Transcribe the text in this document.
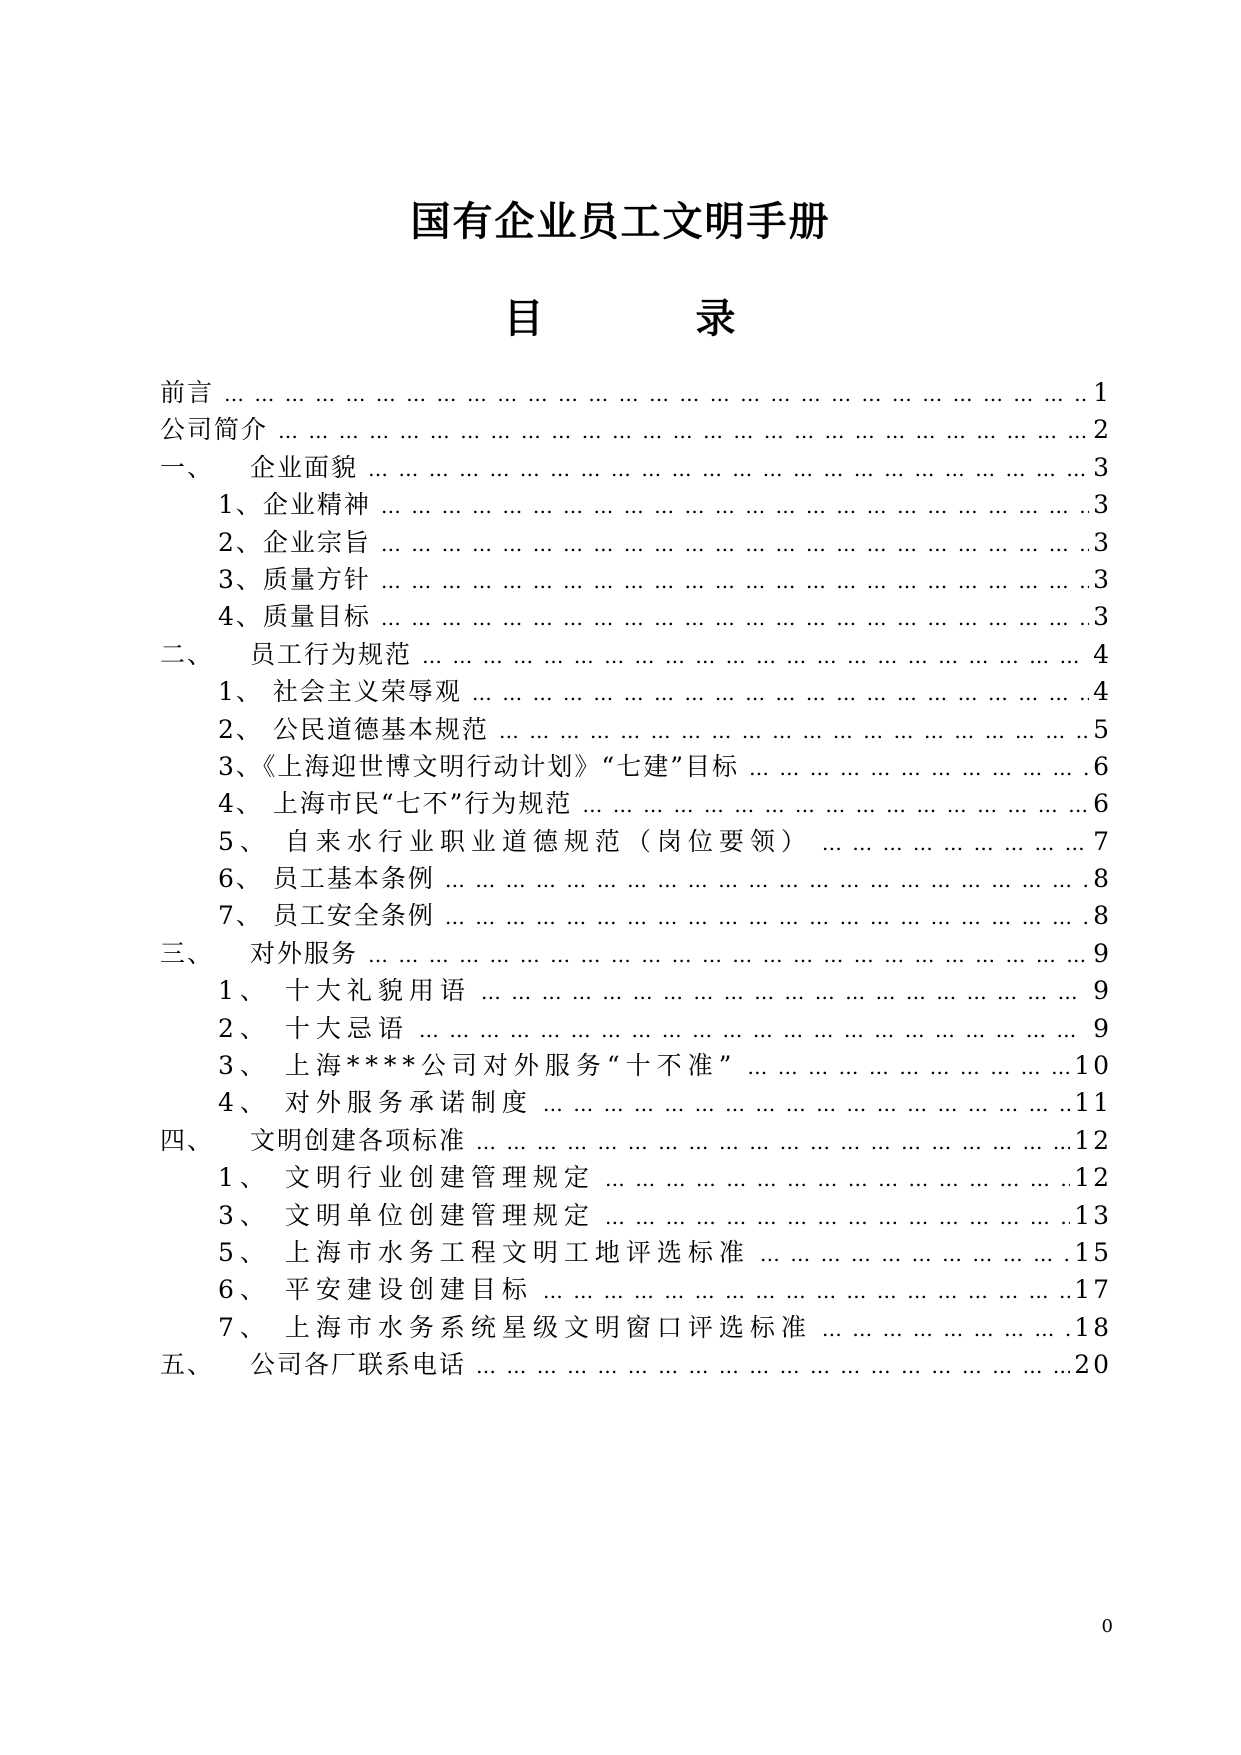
国有企业员工文明手册
目	录
前言 … … … … … … … … … … … … … … … … … … … … … … … … … … … … … … … … … … … … … … … … … … … … … … … … … … … … … …	1
公司简介 … … … … … … … … … … … … … … … … … … … … … … … … … … … … … … … … … … … … … … … … … … … … … … … … … … … … … …	2
一、 企业面貌 … … … … … … … … … … … … … … … … … … … … … … … … … … … … … … … … … … … … … … … … … … … … … … … … … … … … … …	3
1、企业精神 … … … … … … … … … … … … … … … … … … … … … … … … … … … … … … … … … … … … … … … … … … … … … … … … … … … … … …	3
2、企业宗旨 … … … … … … … … … … … … … … … … … … … … … … … … … … … … … … … … … … … … … … … … … … … … … … … … … … … … … …	3
3、质量方针 … … … … … … … … … … … … … … … … … … … … … … … … … … … … … … … … … … … … … … … … … … … … … … … … … … … … … …	3
4、质量目标 … … … … … … … … … … … … … … … … … … … … … … … … … … … … … … … … … … … … … … … … … … … … … … … … … … … … … …	3
二、 员工行为规范 … … … … … … … … … … … … … … … … … … … … … … … … … … … … … … … … … … … … … … … … … … … … … … … … … … … … … …	4
1、 社会主义荣辱观 … … … … … … … … … … … … … … … … … … … … … … … … … … … … … … … … … … … … … … … … … … … … … … … … … … … … … …	4
2、 公民道德基本规范 … … … … … … … … … … … … … … … … … … … … … … … … … … … … … … … … … … … … … … … … … … … … … … … … … … … … … …	5
3、《上海迎世博文明行动计划》“七建”目标 … … … … … … … … … … … … … … … … … … … … … … … … … … … … … … … … … … … … … … … … … … … … … … … … … … … … … …	6
4、 上海市民“七不”行为规范 … … … … … … … … … … … … … … … … … … … … … … … … … … … … … … … … … … … … … … … … … … … … … … … … … … … … … …	6
5、 自来水行业职业道德规范（岗位要领） … … … … … … … … … … … … … … … … … … … … … … … … … … … … … … … … … … … … … … … … … … … … … … … … … … … … … …	7
6、 员工基本条例 … … … … … … … … … … … … … … … … … … … … … … … … … … … … … … … … … … … … … … … … … … … … … … … … … … … … … …	8
7、 员工安全条例 … … … … … … … … … … … … … … … … … … … … … … … … … … … … … … … … … … … … … … … … … … … … … … … … … … … … … …	8
三、 对外服务 … … … … … … … … … … … … … … … … … … … … … … … … … … … … … … … … … … … … … … … … … … … … … … … … … … … … … …	9
1、 十大礼貌用语 … … … … … … … … … … … … … … … … … … … … … … … … … … … … … … … … … … … … … … … … … … … … … … … … … … … … … …	9
2、 十大忌语 … … … … … … … … … … … … … … … … … … … … … … … … … … … … … … … … … … … … … … … … … … … … … … … … … … … … … …	9
3、 上海****公司对外服务“十不准” … … … … … … … … … … … … … … … … … … … … … … … … … … … … … … … … … … … … … … … … … … … … … … … … … … … … … …	10
4、 对外服务承诺制度 … … … … … … … … … … … … … … … … … … … … … … … … … … … … … … … … … … … … … … … … … … … … … … … … … … … … … …	11
四、 文明创建各项标准 … … … … … … … … … … … … … … … … … … … … … … … … … … … … … … … … … … … … … … … … … … … … … … … … … … … … … …	12
1、 文明行业创建管理规定 … … … … … … … … … … … … … … … … … … … … … … … … … … … … … … … … … … … … … … … … … … … … … … … … … … … … … …	12
3、 文明单位创建管理规定 … … … … … … … … … … … … … … … … … … … … … … … … … … … … … … … … … … … … … … … … … … … … … … … … … … … … … …	13
5、 上海市水务工程文明工地评选标准 … … … … … … … … … … … … … … … … … … … … … … … … … … … … … … … … … … … … … … … … … … … … … … … … … … … … … …	15
6、 平安建设创建目标 … … … … … … … … … … … … … … … … … … … … … … … … … … … … … … … … … … … … … … … … … … … … … … … … … … … … … …	17
7、 上海市水务系统星级文明窗口评选标准 … … … … … … … … … … … … … … … … … … … … … … … … … … … … … … … … … … … … … … … … … … … … … … … … … … … … … …	18
五、 公司各厂联系电话 … … … … … … … … … … … … … … … … … … … … … … … … … … … … … … … … … … … … … … … … … … … … … … … … … … … … … …	20
0
